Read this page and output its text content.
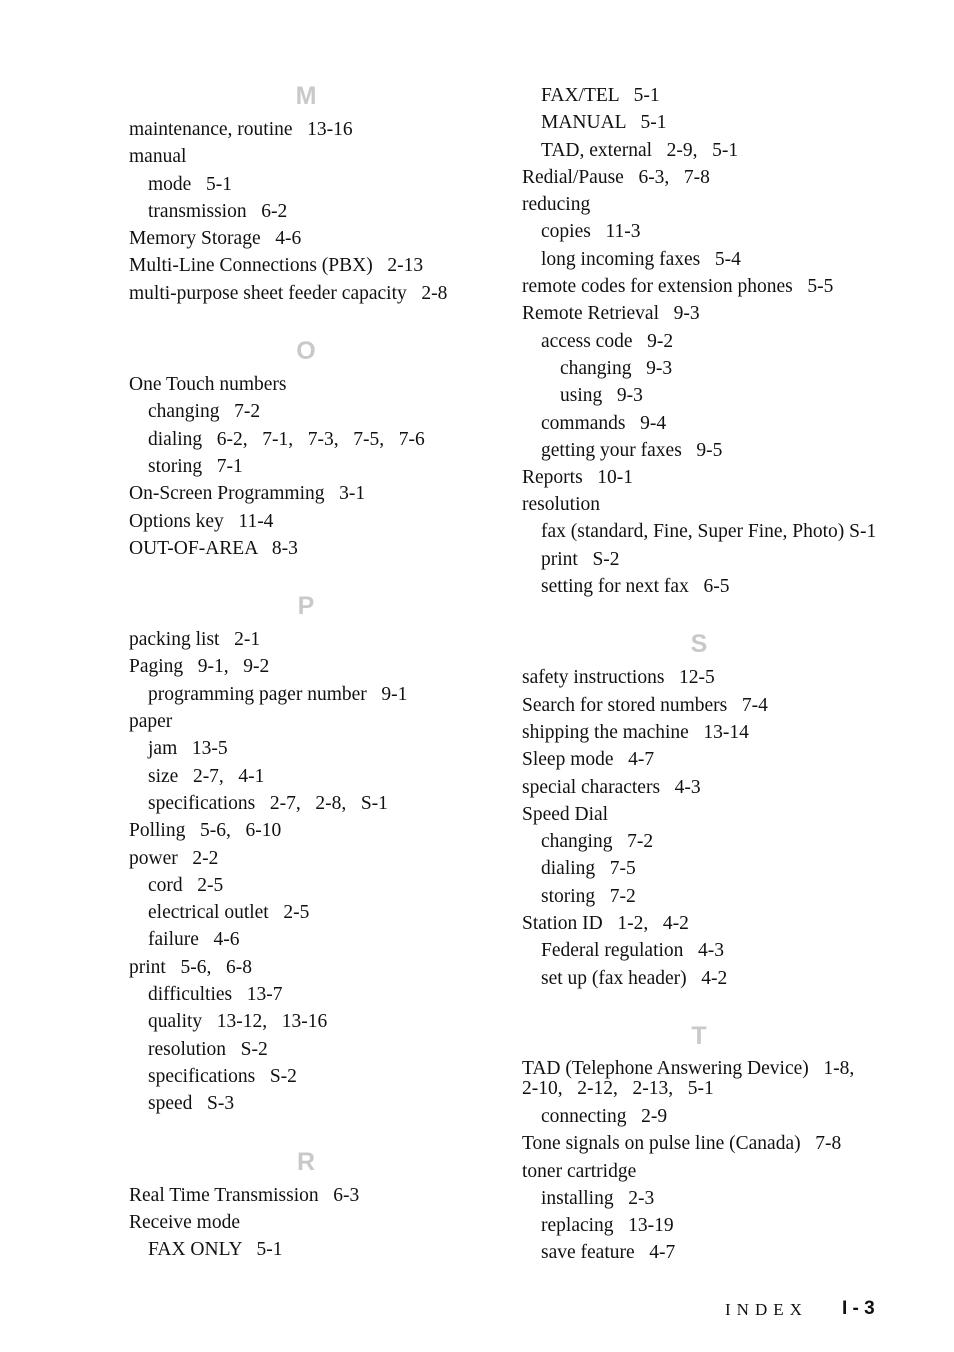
M
maintenance, routine   13-16
manual
mode   5-1
transmission   6-2
Memory Storage   4-6
Multi-Line Connections (PBX)   2-13
multi-purpose sheet feeder capacity   2-8
O
One Touch numbers
changing   7-2
dialing   6-2,   7-1,   7-3,   7-5,   7-6
storing   7-1
On-Screen Programming   3-1
Options key   11-4
OUT-OF-AREA   8-3
P
packing list   2-1
Paging   9-1,   9-2
programming pager number   9-1
paper
jam   13-5
size   2-7,   4-1
specifications   2-7,   2-8,   S-1
Polling   5-6,   6-10
power   2-2
cord   2-5
electrical outlet   2-5
failure   4-6
print   5-6,   6-8
difficulties   13-7
quality   13-12,   13-16
resolution   S-2
specifications   S-2
speed   S-3
R
Real Time Transmission   6-3
Receive mode
FAX ONLY   5-1
FAX/TEL   5-1
MANUAL   5-1
TAD, external   2-9,   5-1
Redial/Pause   6-3,   7-8
reducing
copies   11-3
long incoming faxes   5-4
remote codes for extension phones   5-5
Remote Retrieval   9-3
access code   9-2
changing   9-3
using   9-3
commands   9-4
getting your faxes   9-5
Reports   10-1
resolution
fax (standard, Fine, Super Fine, Photo) S-1
print   S-2
setting for next fax   6-5
S
safety instructions   12-5
Search for stored numbers   7-4
shipping the machine   13-14
Sleep mode   4-7
special characters   4-3
Speed Dial
changing   7-2
dialing   7-5
storing   7-2
Station ID   1-2,   4-2
Federal regulation   4-3
set up (fax header)   4-2
T
TAD (Telephone Answering Device)   1-8,   2-10,   2-12,   2-13,   5-1
connecting   2-9
Tone signals on pulse line (Canada)   7-8
toner cartridge
installing   2-3
replacing   13-19
save feature   4-7
INDEX I - 3
